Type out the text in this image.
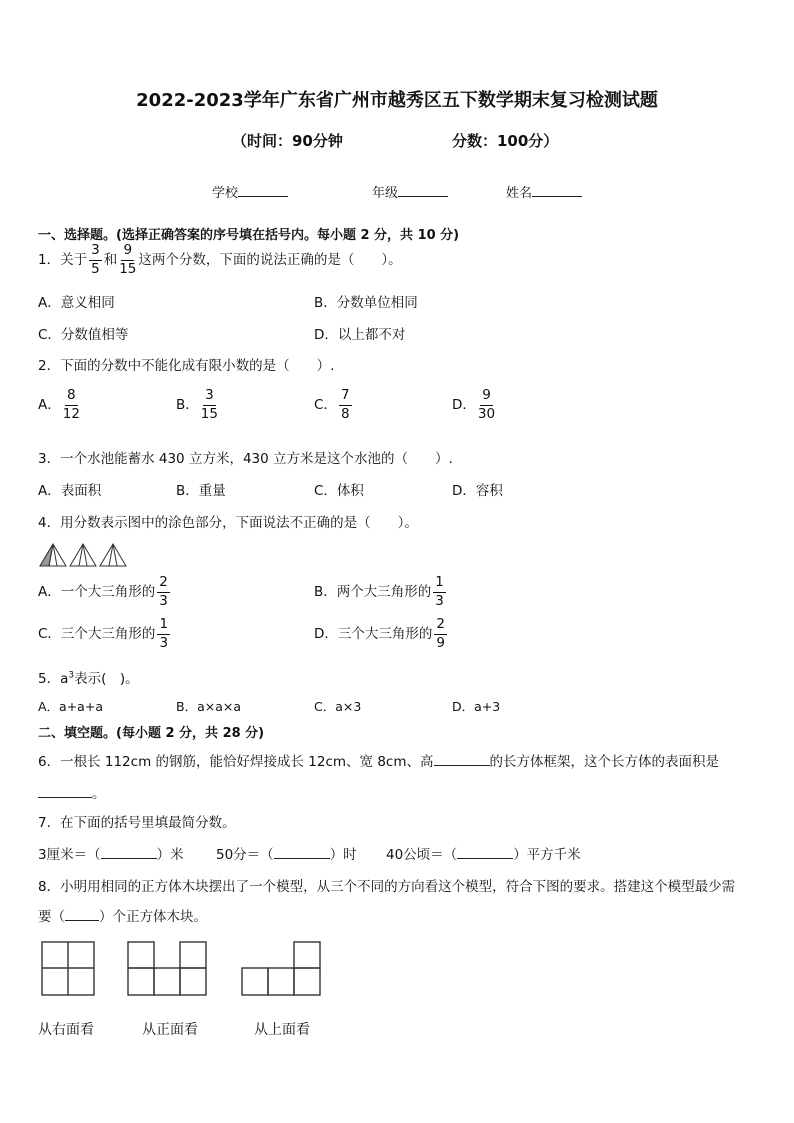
2022-2023学年广东省广州市越秀区五下数学期末复习检测试题
（时间：90分钟	分数：100分）
学校	年级	姓名
一、选择题。(选择正确答案的序号填在括号内。每小题 2 分，共 10 分)
1．关于 $\frac{3}{5}$ 和 $\frac{9}{15}$ 这两个分数，下面的说法正确的是（　　）。
A．意义相同	B．分数单位相同
C．分数值相等	D．以上都不对
2．下面的分数中不能化成有限小数的是（　　）.
A． $\frac{8}{12}$	B． $\frac{3}{15}$	C． $\frac{7}{8}$	D． $\frac{9}{30}$
3．一个水池能蓄水 430 立方米，430 立方米是这个水池的（　　）.
A．表面积	B．重量	C．体积	D．容积
4．用分数表示图中的涂色部分，下面说法不正确的是（　　）。
A．一个大三角形的 $\frac{2}{3}$	B．两个大三角形的 $\frac{1}{3}$
C．三个大三角形的 $\frac{1}{3}$	D．三个大三角形的 $\frac{2}{9}$
5．$a^3$表示(　)。
A．a+a+a	B．a×a×a	C．a×3	D．a+3
二、填空题。(每小题 2 分，共 28 分)
6．一根长 112cm 的钢筋，能恰好焊接成长 12cm、宽 8cm、高	的长方体框架，这个长方体的表面积是
。
7．在下面的括号里填最简分数。
3厘米＝（	）米 50分＝（	）时 40公顷＝（	）平方千米
8．小明用相同的正方体木块摆出了一个模型，从三个不同的方向看这个模型，符合下图的要求。搭建这个模型最少需
要（	）个正方体木块。
从右面看	从正面看	从上面看
